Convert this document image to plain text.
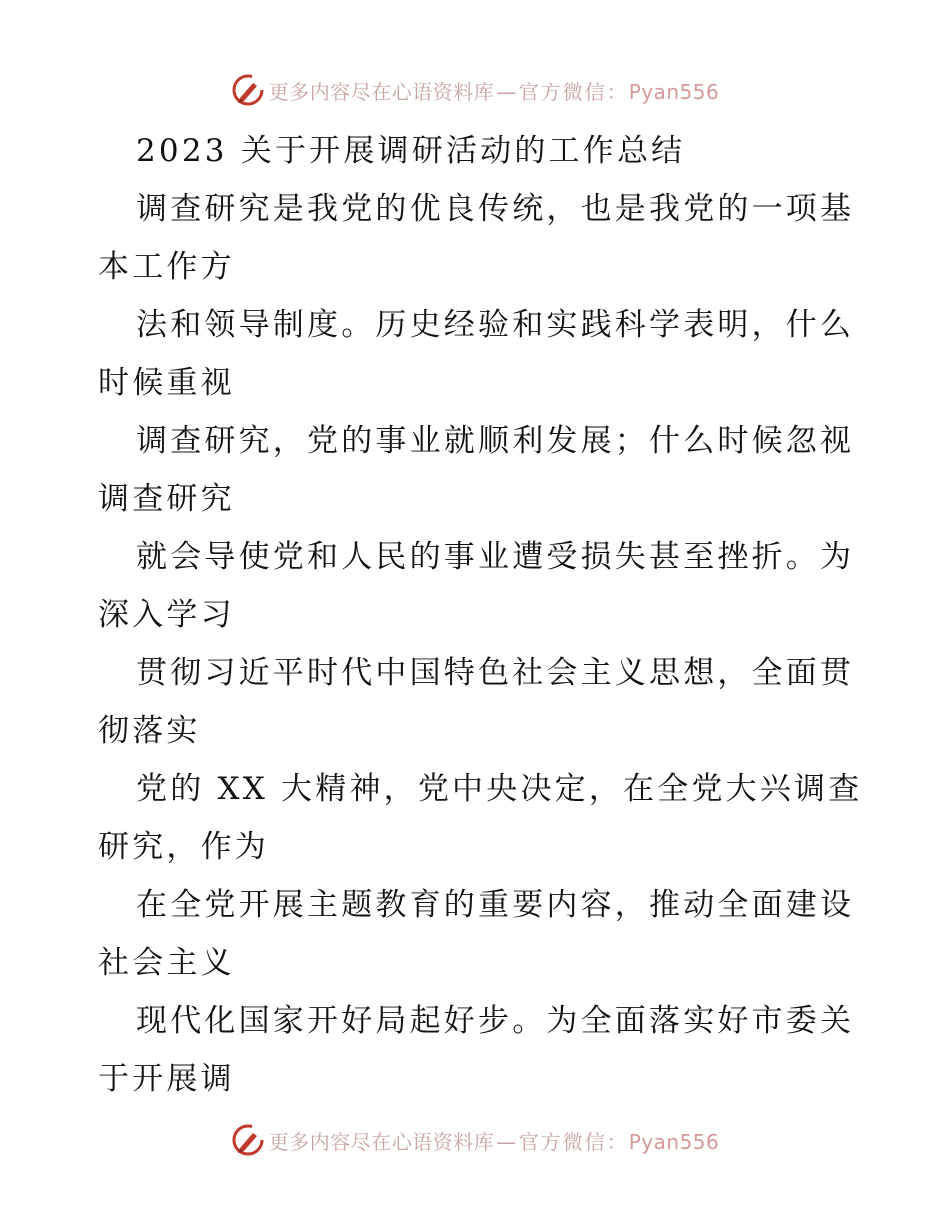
更多内容尽在心语资料库 — 官方微信：Pyan556
2023 关于开展调研活动的工作总结
调查研究是我党的优良传统，也是我党的一项基
本工作方
法和领导制度。历史经验和实践科学表明，什么
时候重视
调查研究，党的事业就顺利发展；什么时候忽视
调查研究
就会导使党和人民的事业遭受损失甚至挫折。为
深入学习
贯彻习近平时代中国特色社会主义思想，全面贯
彻落实
党的 XX 大精神，党中央决定，在全党大兴调查
研究，作为
在全党开展主题教育的重要内容，推动全面建设
社会主义
现代化国家开好局起好步。为全面落实好市委关
于开展调
更多内容尽在心语资料库 — 官方微信：Pyan556
